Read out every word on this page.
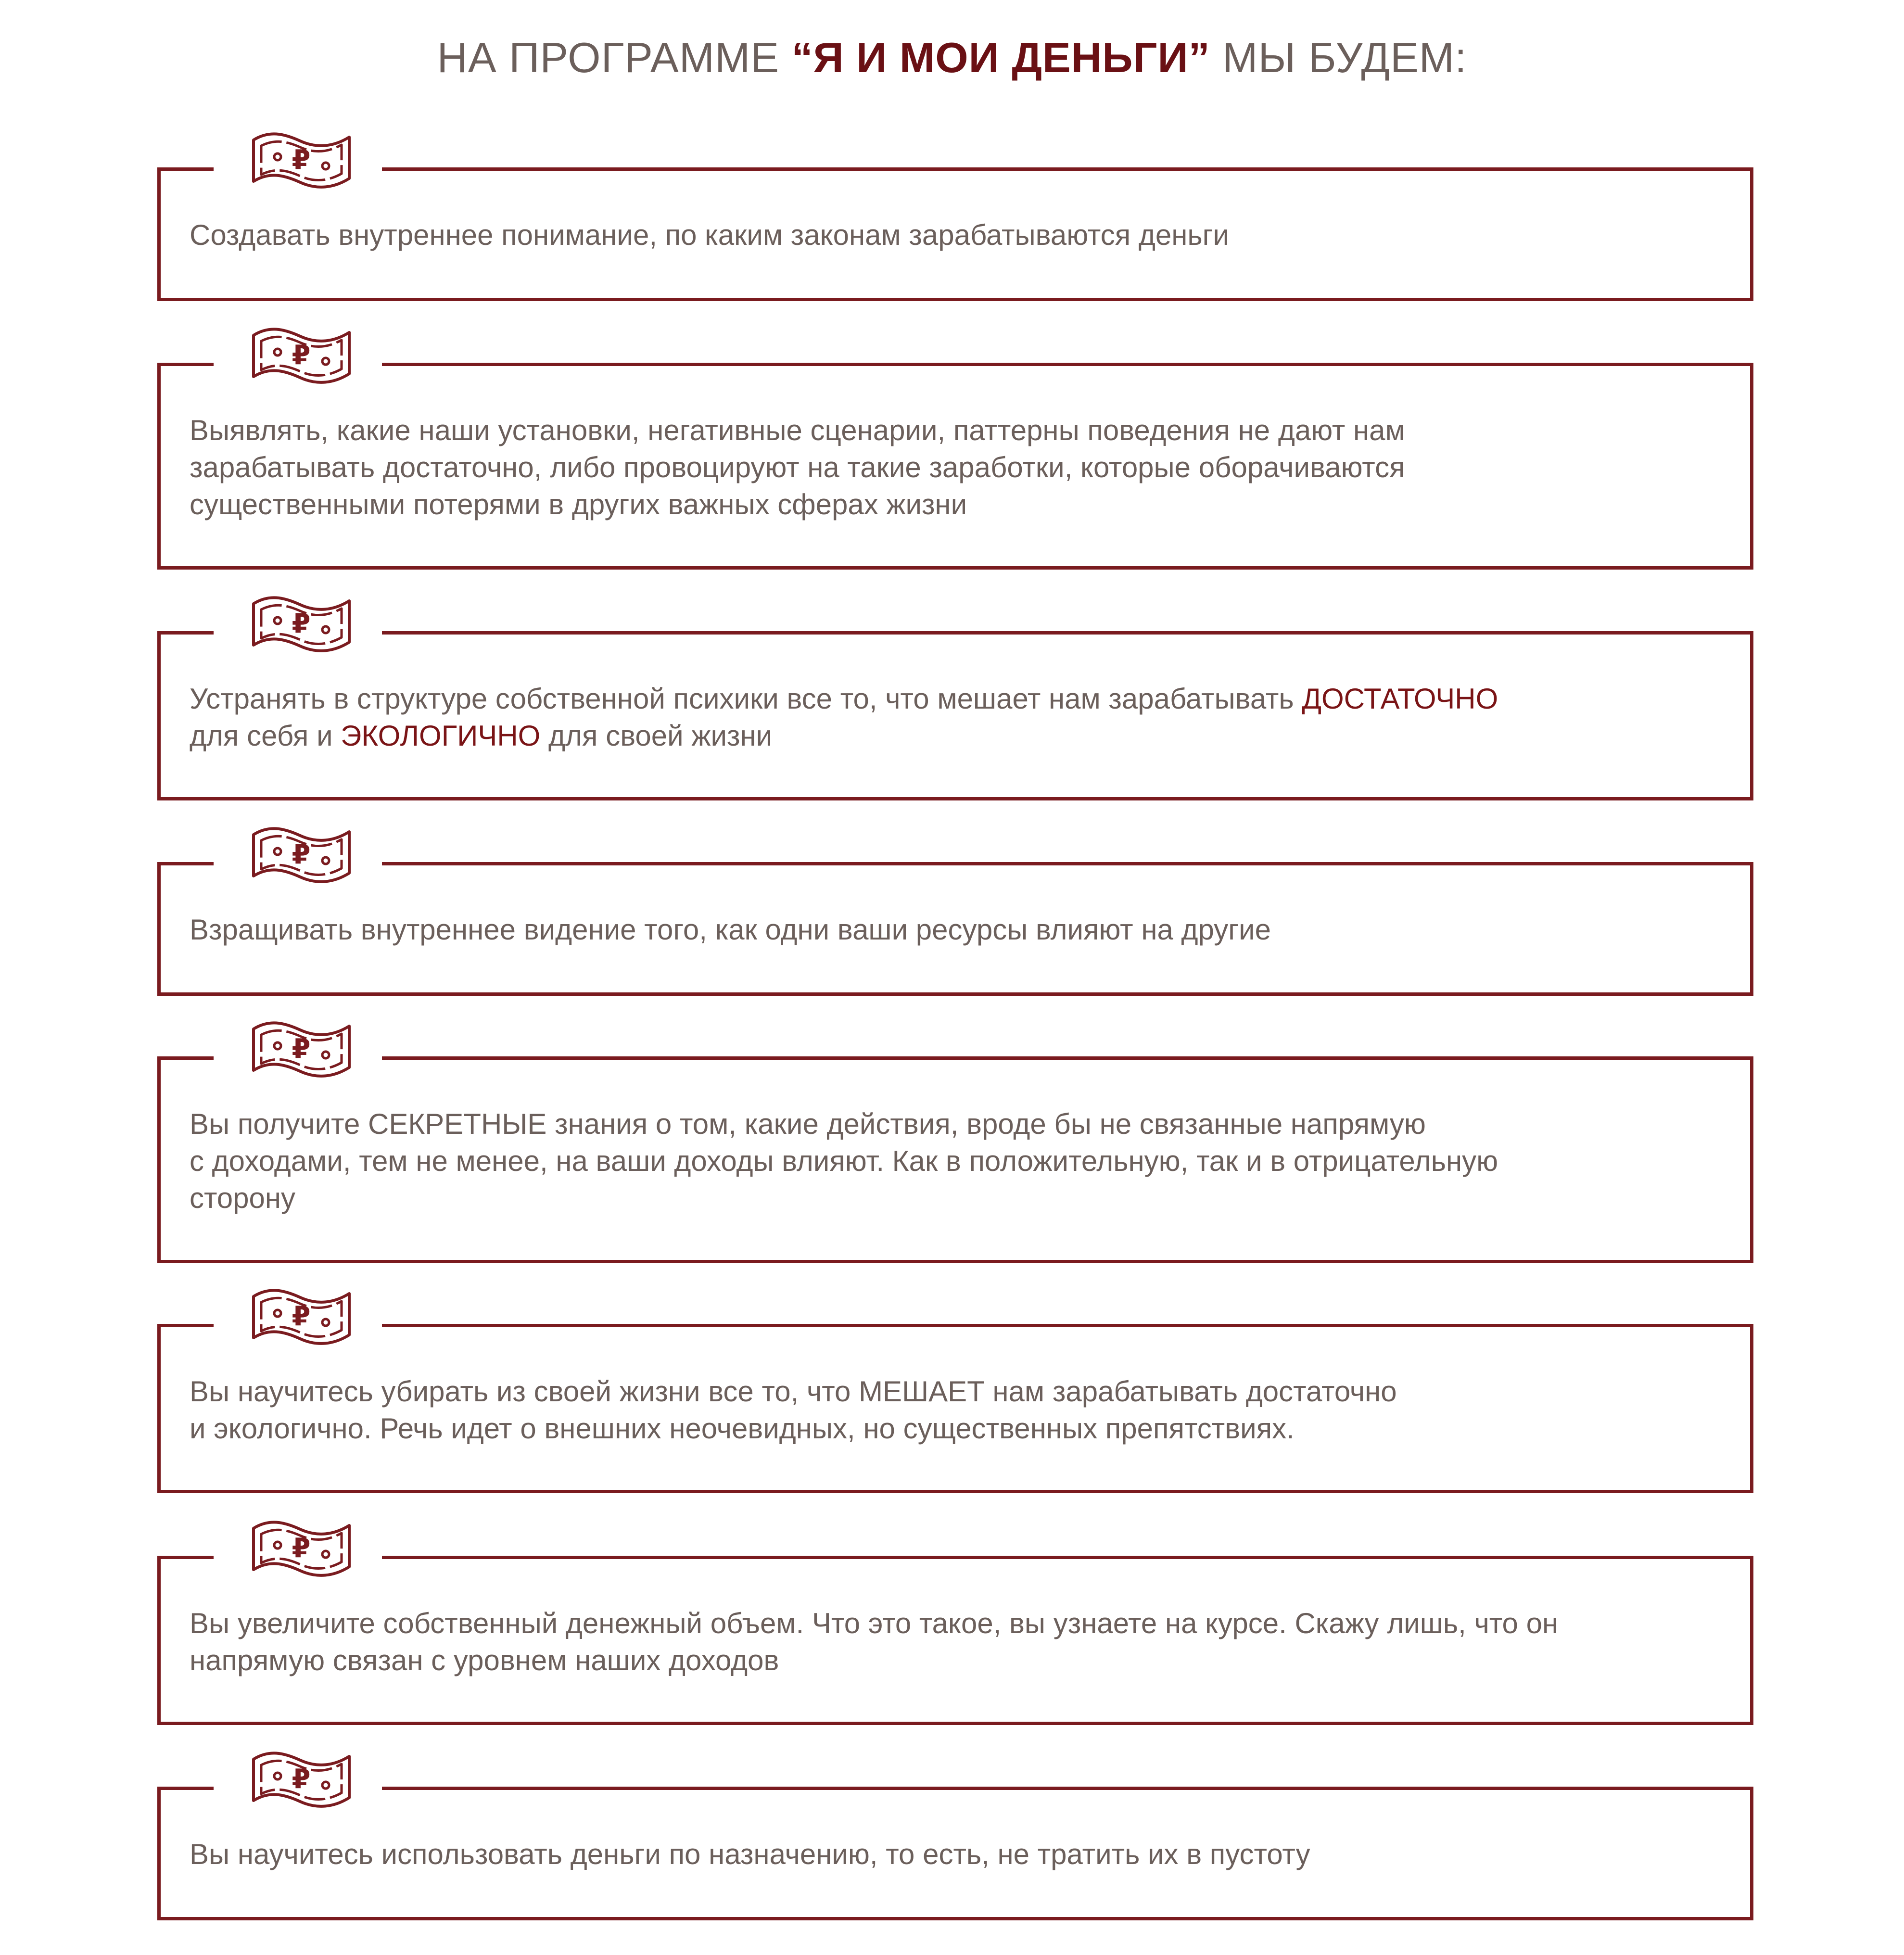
НА ПРОГРАММЕ “Я И МОИ ДЕНЬГИ” МЫ БУДЕМ:
₽
Создавать внутреннее понимание, по каким законам зарабатываются деньги
₽
Выявлять, какие наши установки, негативные сценарии, паттерны поведения не дают нам
зарабатывать достаточно, либо провоцируют на такие заработки, которые оборачиваются
существенными потерями в других важных сферах жизни
₽
Устранять в структуре собственной психики все то, что мешает нам зарабатывать ДОСТАТОЧНО
для себя и ЭКОЛОГИЧНО для своей жизни
₽
Взращивать внутреннее видение того, как одни ваши ресурсы влияют на другие
₽
Вы получите СЕКРЕТНЫЕ знания о том, какие действия, вроде бы не связанные напрямую
с доходами, тем не менее, на ваши доходы влияют. Как в положительную, так и в отрицательную
сторону
₽
Вы научитесь убирать из своей жизни все то, что МЕШАЕТ нам зарабатывать достаточно
и экологично. Речь идет о внешних неочевидных, но существенных препятствиях.
₽
Вы увеличите собственный денежный объем. Что это такое, вы узнаете на курсе. Скажу лишь, что он
напрямую связан с уровнем наших доходов
₽
Вы научитесь использовать деньги по назначению, то есть, не тратить их в пустоту
